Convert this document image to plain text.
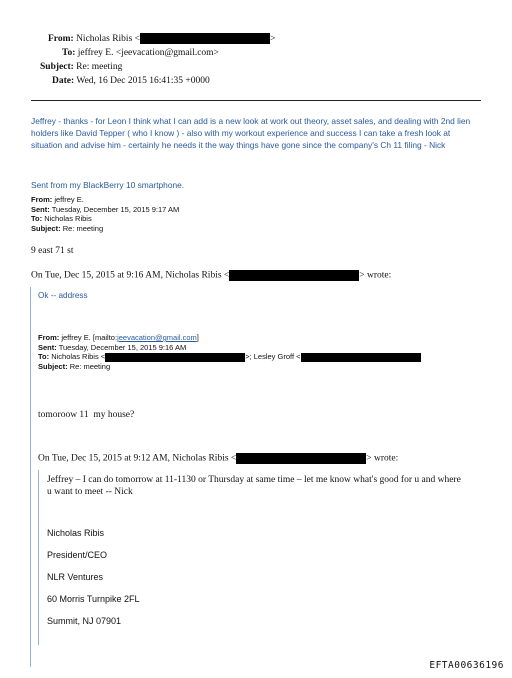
From: Nicholas Ribis <	>
To: jeffrey E. <jeevacation@gmail.com>
Subject: Re: meeting
Date: Wed, 16 Dec 2015 16:41:35 +0000
Jeffrey - thanks - for Leon I think what I can add is a new look at work out theory, asset sales, and dealing with 2nd lien holders like David Tepper ( who I know ) - also with my workout experience and success I can take a fresh look at situation and advise him - certainly he needs it the way things have gone since the company's Ch 11 filing - Nick
Sent from my BlackBerry 10 smartphone.
From: jeffrey E.
Sent: Tuesday, December 15, 2015 9:17 AM
To: Nicholas Ribis
Subject: Re: meeting
9 east 71 st
On Tue, Dec 15, 2015 at 9:16 AM, Nicholas Ribis <	> wrote:
Ok -- address
From: jeffrey E. [mailto:jeevacation@gmail.com]
Sent: Tuesday, December 15, 2015 9:16 AM
To: Nicholas Ribis <	>; Lesley Groff <
Subject: Re: meeting
tomoroow 11  my house?
On Tue, Dec 15, 2015 at 9:12 AM, Nicholas Ribis <	> wrote:
Jeffrey – I can do tomorrow at 11-1130 or Thursday at same time – let me know what's good for u and where u want to meet -- Nick
Nicholas Ribis
President/CEO
NLR Ventures
60 Morris Turnpike 2FL
Summit, NJ 07901
EFTA00636196
